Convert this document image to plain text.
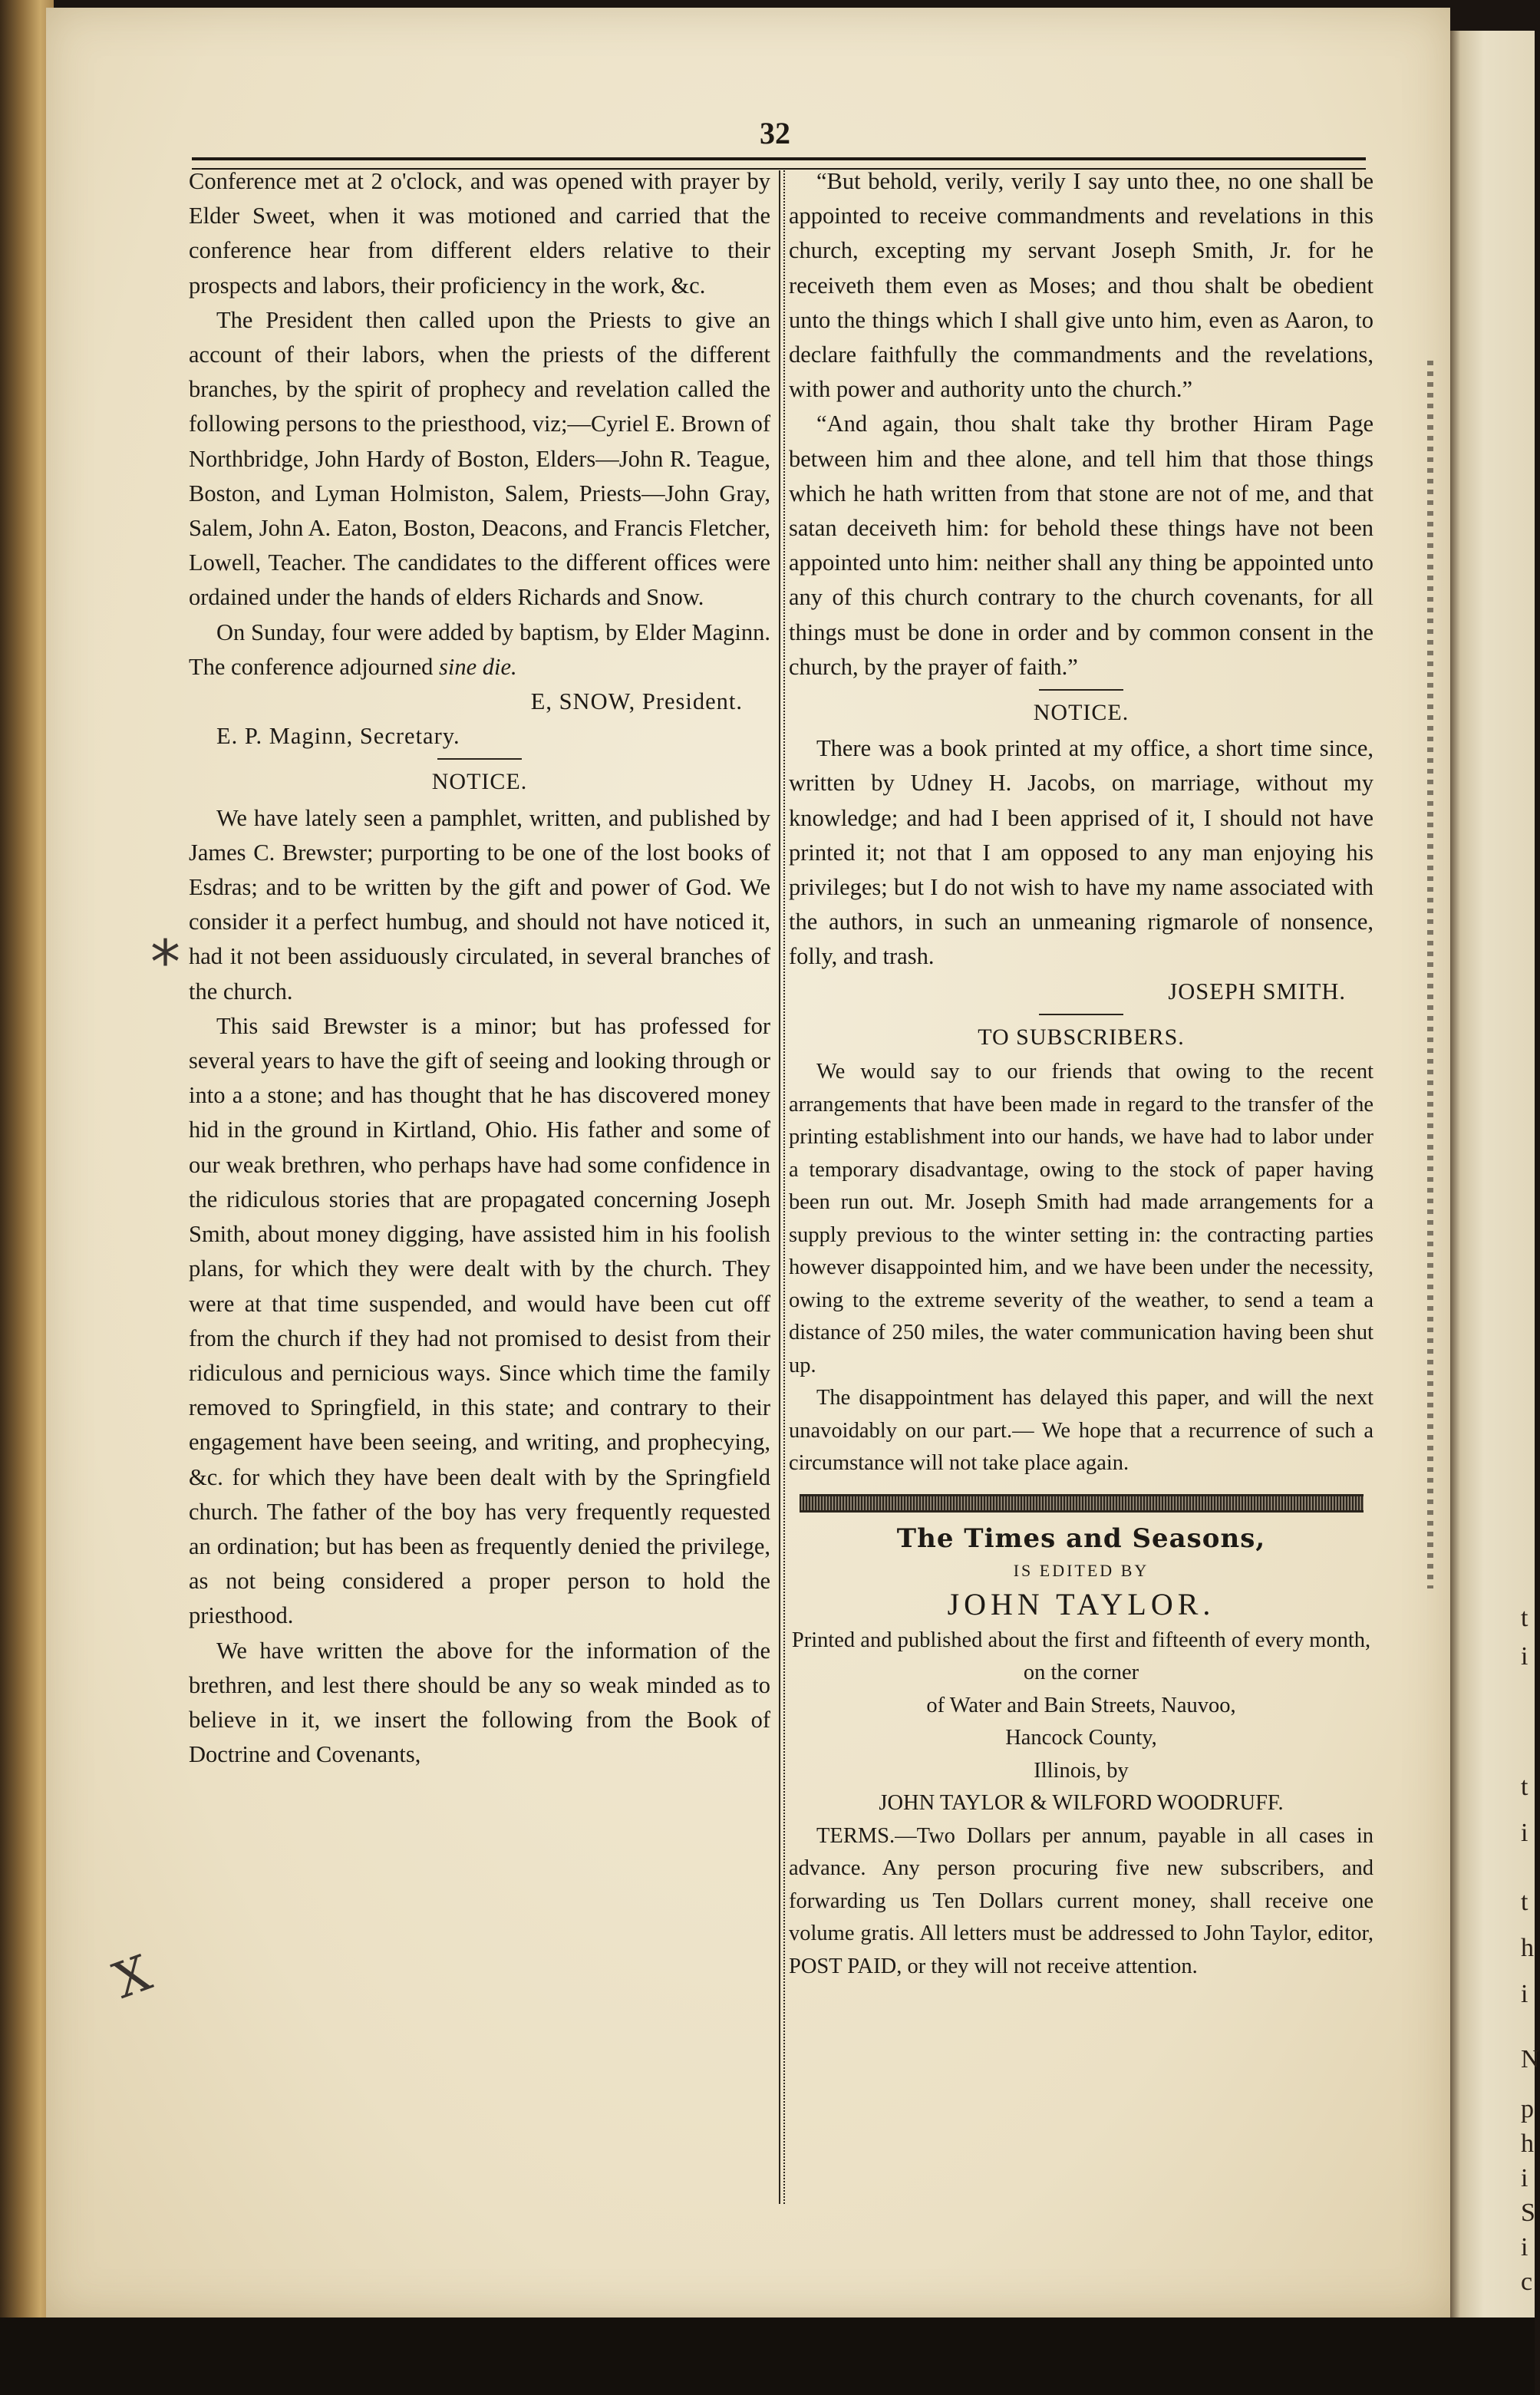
t
i
t
i
t
h
i
N
p
h
i
S
i
c
32
*
X

Conference met at 2 o'clock, and was opened with prayer by Elder Sweet, when it was motioned and carried that the conference hear from different elders relative to their prospects and labors, their proficiency in the work, &c.

The President then called upon the Priests to give an account of their labors, when the priests of the different branches, by the spirit of prophecy and revelation called the following persons to the priesthood, viz;—Cyriel E. Brown of Northbridge, John Hardy of Boston, Elders—John R. Teague, Boston, and Lyman Holmiston, Salem, Priests—John Gray, Salem, John A. Eaton, Boston, Deacons, and Francis Fletcher, Lowell, Teacher. The candidates to the different offices were ordained under the hands of elders Richards and Snow.

On Sunday, four were added by baptism, by Elder Maginn. The conference adjourned sine die.

E, SNOW, President.
E. P. Maginn, Secretary.
NOTICE.

We have lately seen a pamphlet, written, and published by James C. Brewster; purporting to be one of the lost books of Esdras; and to be written by the gift and power of God. We consider it a perfect humbug, and should not have noticed it, had it not been assiduously circulated, in several branches of the church.

This said Brewster is a minor; but has professed for several years to have the gift of seeing and looking through or into a a stone; and has thought that he has discovered money hid in the ground in Kirtland, Ohio. His father and some of our weak brethren, who perhaps have had some confidence in the ridiculous stories that are propagated concerning Joseph Smith, about money digging, have assisted him in his foolish plans, for which they were dealt with by the church. They were at that time suspended, and would have been cut off from the church if they had not promised to desist from their ridiculous and pernicious ways. Since which time the family removed to Springfield, in this state; and contrary to their engagement have been seeing, and writing, and prophecying, &c. for which they have been dealt with by the Springfield church. The father of the boy has very frequently requested an ordination; but has been as frequently denied the privilege, as not being considered a proper person to hold the priesthood.

We have written the above for the information of the brethren, and lest there should be any so weak minded as to believe in it, we insert the following from the Book of Doctrine and Covenants,

“But behold, verily, verily I say unto thee, no one shall be appointed to receive commandments and revelations in this church, excepting my servant Joseph Smith, Jr. for he receiveth them even as Moses; and thou shalt be obedient unto the things which I shall give unto him, even as Aaron, to declare faithfully the commandments and the revelations, with power and authority unto the church.”

“And again, thou shalt take thy brother Hiram Page between him and thee alone, and tell him that those things which he hath written from that stone are not of me, and that satan deceiveth him: for behold these things have not been appointed unto him: neither shall any thing be appointed unto any of this church contrary to the church covenants, for all things must be done in order and by common consent in the church, by the prayer of faith.”

NOTICE.

There was a book printed at my office, a short time since, written by Udney H. Jacobs, on marriage, without my knowledge; and had I been apprised of it, I should not have printed it; not that I am opposed to any man enjoying his privileges; but I do not wish to have my name associated with the authors, in such an unmeaning rigmarole of nonsence, folly, and trash.

JOSEPH SMITH.
TO SUBSCRIBERS.

We would say to our friends that owing to the recent arrangements that have been made in regard to the transfer of the printing establishment into our hands, we have had to labor under a temporary disadvantage, owing to the stock of paper having been run out. Mr. Joseph Smith had made arrangements for a supply previous to the winter setting in: the contracting parties however disappointed him, and we have been under the necessity, owing to the extreme severity of the weather, to send a team a distance of 250 miles, the water communication having been shut up.

The disappointment has delayed this paper, and will the next unavoidably on our part.— We hope that a recurrence of such a circumstance will not take place again.

The Times and Seasons,
IS EDITED BY
JOHN TAYLOR.

Printed and published about the first and fifteenth of every month, on the corner

of Water and Bain Streets, Nauvoo,

Hancock County,

Illinois, by

JOHN TAYLOR & WILFORD WOODRUFF.

TERMS.—Two Dollars per annum, payable in all cases in advance. Any person procuring five new subscribers, and forwarding us Ten Dollars current money, shall receive one volume gratis. All letters must be addressed to John Taylor, editor, POST PAID, or they will not receive attention.
